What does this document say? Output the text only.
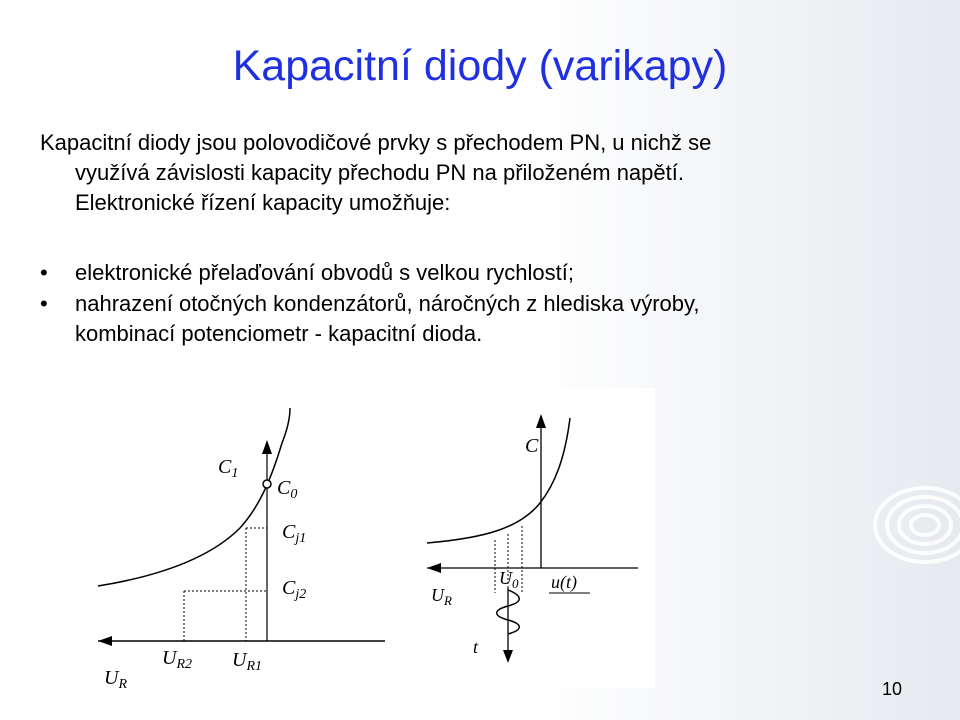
Kapacitní diody (varikapy)
Kapacitní diody jsou polovodičové prvky s přechodem PN, u nichž se
využívá závislosti kapacity přechodu PN na přiloženém napětí.
Elektronické řízení kapacity umožňuje:
• elektronické přelaďování obvodů s velkou rychlostí;
• nahrazení otočných kondenzátorů, náročných z hlediska výroby,
kombinací potenciometr - kapacitní dioda.
$C_1$
$C_0$
$C_{j1}$
$C_{j2}$
$U_{R2}$ $U_{R1}$
$U_R$
C
$U_0$ u(t)
$U_R$
t
10
